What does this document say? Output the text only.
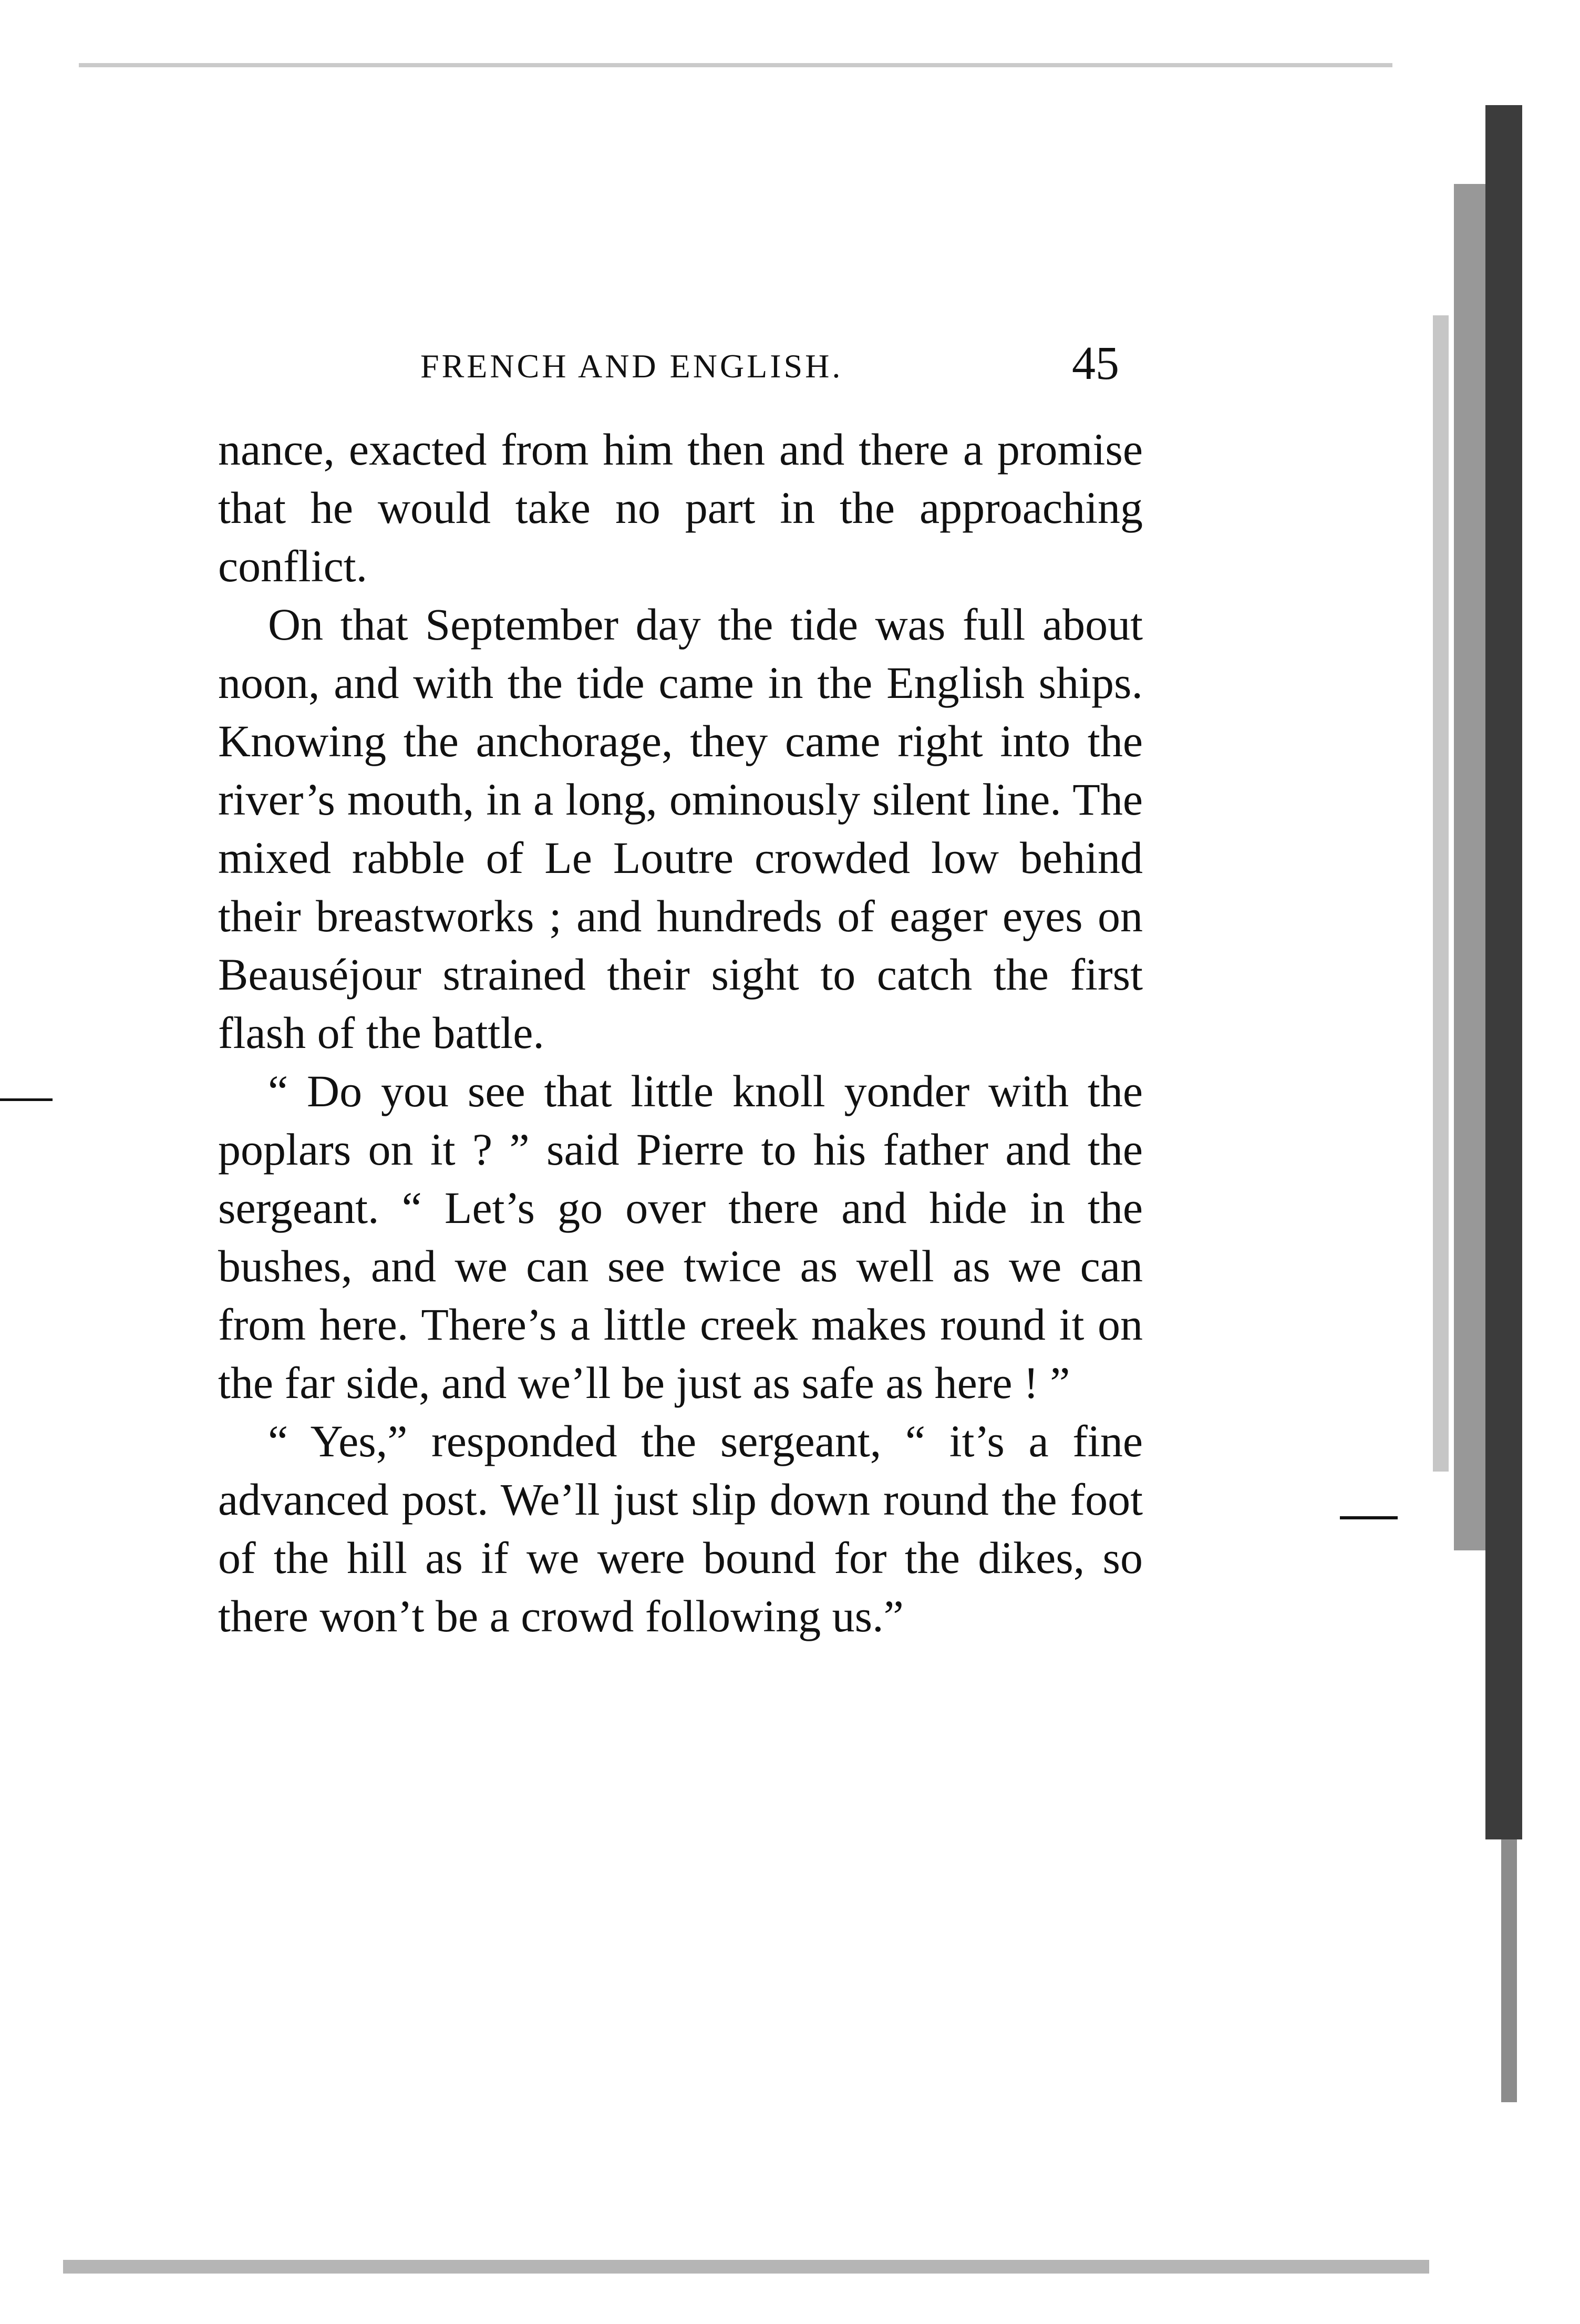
FRENCH AND ENGLISH.	45

nance, exacted from him then and there a promise that he would take no part in the approaching conflict.

On that September day the tide was full about noon, and with the tide came in the English ships. Knowing the anchorage, they came right into the river’s mouth, in a long, ominously silent line. The mixed rabble of Le Loutre crowded low behind their breastworks ; and hundreds of eager eyes on Beauséjour strained their sight to catch the first flash of the battle.

“ Do you see that little knoll yonder with the poplars on it ? ” said Pierre to his father and the sergeant. “ Let’s go over there and hide in the bushes, and we can see twice as well as we can from here. There’s a little creek makes round it on the far side, and we’ll be just as safe as here ! ”

“ Yes,” responded the sergeant, “ it’s a fine advanced post. We’ll just slip down round the foot of the hill as if we were bound for the dikes, so there won’t be a crowd following us.”
